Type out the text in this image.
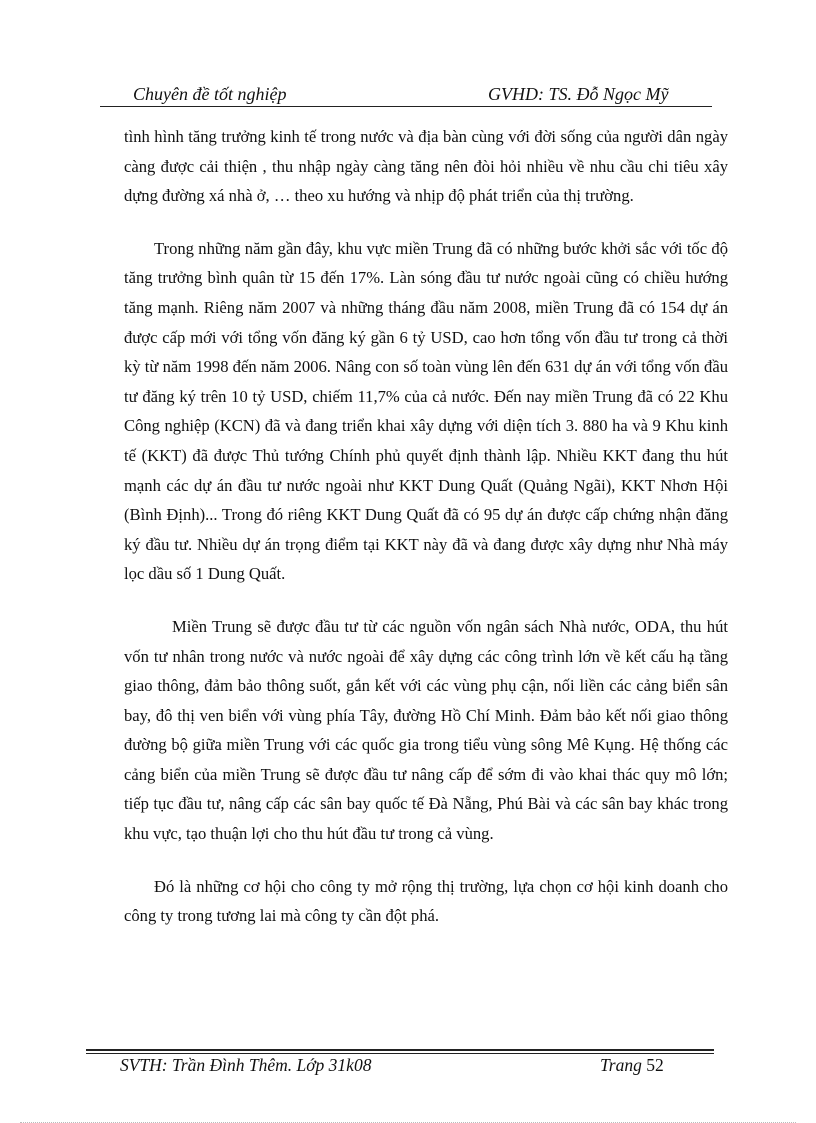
Chuyên đề tốt nghiệp	GVHD: TS. Đỗ Ngọc Mỹ

tình hình tăng trưởng kinh tế trong nước và địa bàn cùng với đời sống của người dân ngày càng được cải thiện , thu nhập ngày càng tăng nên đòi hỏi nhiều về nhu cầu chi tiêu xây dựng đường xá nhà ở, … theo xu hướng và nhịp độ phát triển của thị trường.

Trong những năm gần đây, khu vực miền Trung đã có những bước khởi sắc với tốc độ tăng trưởng bình quân từ 15 đến 17%. Làn sóng đầu tư nước ngoài cũng có chiều hướng tăng mạnh. Riêng năm 2007 và những tháng đầu năm 2008, miền Trung đã có 154 dự án được cấp mới với tổng vốn đăng ký gần 6 tỷ USD, cao hơn tổng vốn đầu tư trong cả thời kỳ từ năm 1998 đến năm 2006. Nâng con số toàn vùng lên đến 631 dự án với tổng vốn đầu tư đăng ký trên 10 tỷ USD, chiếm 11,7% của cả nước. Đến nay miền Trung đã có 22 Khu Công nghiệp (KCN) đã và đang triển khai xây dựng với diện tích 3. 880 ha và 9 Khu kinh tế (KKT) đã được Thủ tướng Chính phủ quyết định thành lập. Nhiều KKT đang thu hút mạnh các dự án đầu tư nước ngoài như KKT Dung Quất (Quảng Ngãi), KKT Nhơn Hội (Bình Định)... Trong đó riêng KKT Dung Quất đã có 95 dự án được cấp chứng nhận đăng ký đầu tư. Nhiều dự án trọng điểm tại KKT này đã và đang được xây dựng như Nhà máy lọc dầu số 1 Dung Quất.

Miền Trung sẽ được đầu tư từ các nguồn vốn ngân sách Nhà nước, ODA, thu hút vốn tư nhân trong nước và nước ngoài để xây dựng các công trình lớn về kết cấu hạ tầng giao thông, đảm bảo thông suốt, gắn kết với các vùng phụ cận, nối liền các cảng biển sân bay, đô thị ven biển với vùng phía Tây, đường Hồ Chí Minh. Đảm bảo kết nối giao thông đường bộ giữa miền Trung với các quốc gia trong tiểu vùng sông Mê Kụng. Hệ thống các cảng biển của miền Trung sẽ được đầu tư nâng cấp để sớm đi vào khai thác quy mô lớn; tiếp tục đầu tư, nâng cấp các sân bay quốc tế Đà Nẵng, Phú Bài và các sân bay khác trong khu vực, tạo thuận lợi cho thu hút đầu tư trong cả vùng.

Đó là những cơ hội cho công ty mở rộng thị trường, lựa chọn cơ hội kinh doanh cho công ty trong tương lai mà công ty cần đột phá.

SVTH: Trần Đình Thêm. Lớp 31k08	Trang 52
